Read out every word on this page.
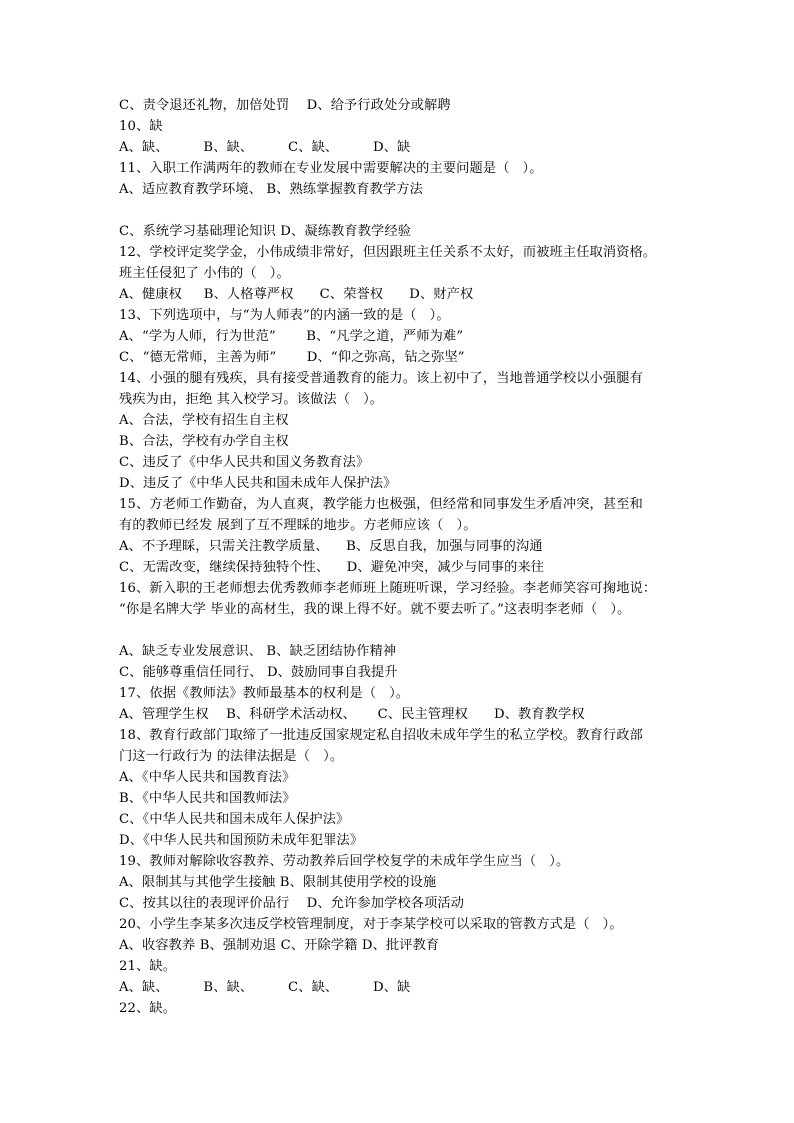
C、责令退还礼物，加倍处罚    D、给予行政处分或解聘
10、缺
A、缺、        B、缺、        C、缺、        D、缺
11、入职工作满两年的教师在专业发展中需要解决的主要问题是（   ）。
A、适应教育教学环境、 B、熟练掌握教育教学方法
C、系统学习基础理论知识 D、凝练教育教学经验
12、学校评定奖学金，小伟成绩非常好，但因跟班主任关系不太好，而被班主任取消资格。
班主任侵犯了 小伟的（   ）。
A、健康权     B、人格尊严权      C、荣誉权      D、财产权
13、下列选项中，与“为人师表”的内涵一致的是（   ）。
A、“学为人师，行为世范”       B、“凡学之道，严师为难”
C、“德无常师，主善为师”       D、“仰之弥高，钻之弥坚”
14、小强的腿有残疾，具有接受普通教育的能力。该上初中了，当地普通学校以小强腿有
残疾为由，拒绝 其入校学习。该做法（   ）。
A、合法，学校有招生自主权
B、合法，学校有办学自主权
C、违反了《中华人民共和国义务教育法》
D、违反了《中华人民共和国未成年人保护法》
15、方老师工作勤奋，为人直爽，教学能力也极强，但经常和同事发生矛盾冲突，甚至和
有的教师已经发 展到了互不理睬的地步。方老师应该（   ）。
A、不予理睬，只需关注教学质量、    B、反思自我，加强与同事的沟通
C、无需改变，继续保持独特个性、    D、避免冲突，减少与同事的来往
16、新入职的王老师想去优秀教师李老师班上随班听课，学习经验。李老师笑容可掬地说：
“你是名牌大学 毕业的高材生，我的课上得不好。就不要去听了。”这表明李老师（   ）。
A、缺乏专业发展意识、 B、缺乏团结协作精神
C、能够尊重信任同行、 D、鼓励同事自我提升
17、依据《教师法》教师最基本的权利是（   ）。
A、管理学生权    B、科研学术活动权、     C、民主管理权      D、教育教学权
18、教育行政部门取缔了一批违反国家规定私自招收未成年学生的私立学校。教育行政部
门这一行政行为 的法律法据是（   ）。
A、《中华人民共和国教育法》
B、《中华人民共和国教师法》
C、《中华人民共和国未成年人保护法》
D、《中华人民共和国预防未成年犯罪法》
19、教师对解除收容教养、劳动教养后回学校复学的未成年学生应当（   ）。
A、限制其与其他学生接触 B、限制其使用学校的设施
C、按其以往的表现评价品行    D、允许参加学校各项活动
20、小学生李某多次违反学校管理制度，对于李某学校可以采取的管教方式是（   ）。
A、收容教养 B、强制劝退 C、开除学籍 D、批评教育
21、缺。
A、缺、        B、缺、        C、缺、        D、缺
22、缺。
